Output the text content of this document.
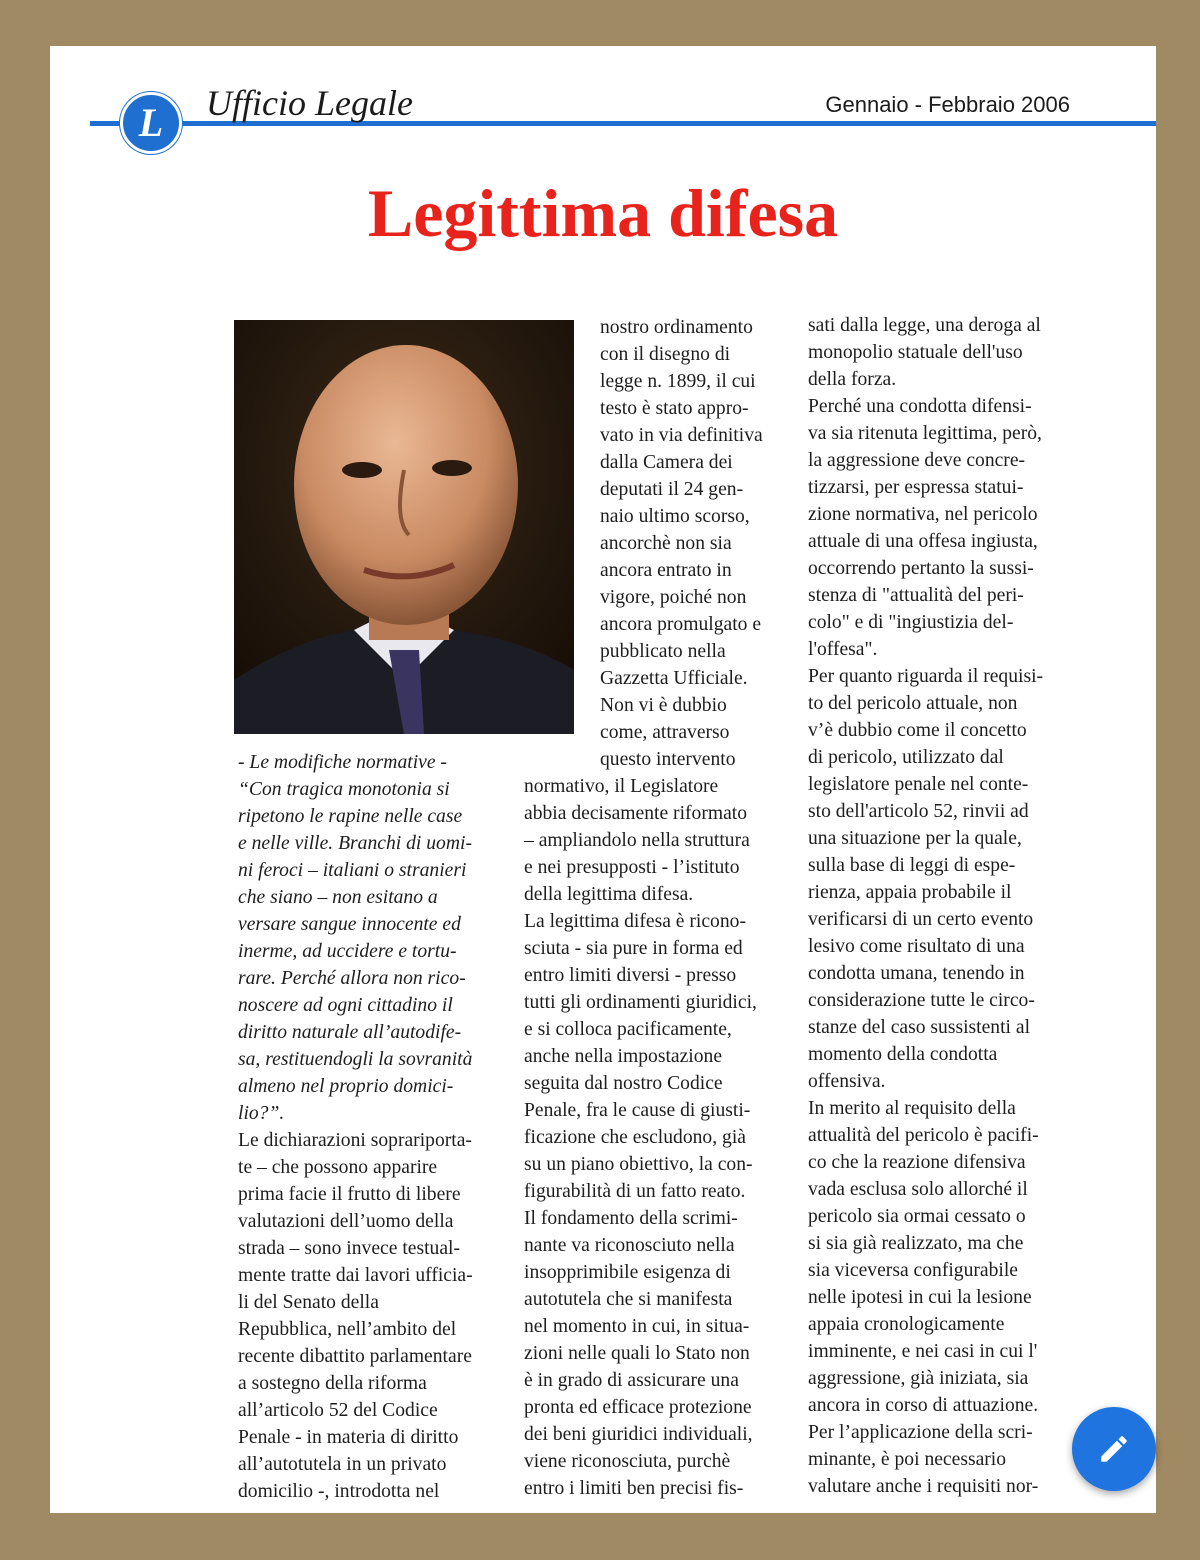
L	Ufficio Legale	Gennaio - Febbraio 2006
Legittima difesa

- Le modifiche normative -

“Con tragica monotonia si

ripetono le rapine nelle case

e nelle ville. Branchi di uomi-

ni feroci – italiani o stranieri

che siano – non esitano a

versare sangue innocente ed

inerme, ad uccidere e tortu-

rare. Perché allora non rico-

noscere ad ogni cittadino il

diritto naturale all’autodife-

sa, restituendogli la sovranità

almeno nel proprio domici-

lio?”.

Le dichiarazioni soprariporta-

te – che possono apparire

prima facie il frutto di libere

valutazioni dell’uomo della

strada – sono invece testual-

mente tratte dai lavori ufficia-

li del Senato della

Repubblica, nell’ambito del

recente dibattito parlamentare

a sostegno della riforma

all’articolo 52 del Codice

Penale - in materia di diritto

all’autotutela in un privato

domicilio -, introdotta nel

nostro ordinamento

con il disegno di

legge n. 1899, il cui

testo è stato appro-

vato in via definitiva

dalla Camera dei

deputati il 24 gen-

naio ultimo scorso,

ancorchè non sia

ancora entrato in

vigore, poiché non

ancora promulgato e

pubblicato nella

Gazzetta Ufficiale.

Non vi è dubbio

come, attraverso

questo intervento

normativo, il Legislatore

abbia decisamente riformato

– ampliandolo nella struttura

e nei presupposti - l’istituto

della legittima difesa.

La legittima difesa è ricono-

sciuta - sia pure in forma ed

entro limiti diversi - presso

tutti gli ordinamenti giuridici,

e si colloca pacificamente,

anche nella impostazione

seguita dal nostro Codice

Penale, fra le cause di giusti-

ficazione che escludono, già

su un piano obiettivo, la con-

figurabilità di un fatto reato.

Il fondamento della scrimi-

nante va riconosciuto nella

insopprimibile esigenza di

autotutela che si manifesta

nel momento in cui, in situa-

zioni nelle quali lo Stato non

è in grado di assicurare una

pronta ed efficace protezione

dei beni giuridici individuali,

viene riconosciuta, purchè

entro i limiti ben precisi fis-

sati dalla legge, una deroga al

monopolio statuale dell'uso

della forza.

Perché una condotta difensi-

va sia ritenuta legittima, però,

la aggressione deve concre-

tizzarsi, per espressa statui-

zione normativa, nel pericolo

attuale di una offesa ingiusta,

occorrendo pertanto la sussi-

stenza di "attualità del peri-

colo" e di "ingiustizia del-

l'offesa".

Per quanto riguarda il requisi-

to del pericolo attuale, non

v’è dubbio come il concetto

di pericolo, utilizzato dal

legislatore penale nel conte-

sto dell'articolo 52, rinvii ad

una situazione per la quale,

sulla base di leggi di espe-

rienza, appaia probabile il

verificarsi di un certo evento

lesivo come risultato di una

condotta umana, tenendo in

considerazione tutte le circo-

stanze del caso sussistenti al

momento della condotta

offensiva.

In merito al requisito della

attualità del pericolo è pacifi-

co che la reazione difensiva

vada esclusa solo allorché il

pericolo sia ormai cessato o

si sia già realizzato, ma che

sia viceversa configurabile

nelle ipotesi in cui la lesione

appaia cronologicamente

imminente, e nei casi in cui l'

aggressione, già iniziata, sia

ancora in corso di attuazione.

Per l’applicazione della scri-

minante, è poi necessario

valutare anche i requisiti nor-
